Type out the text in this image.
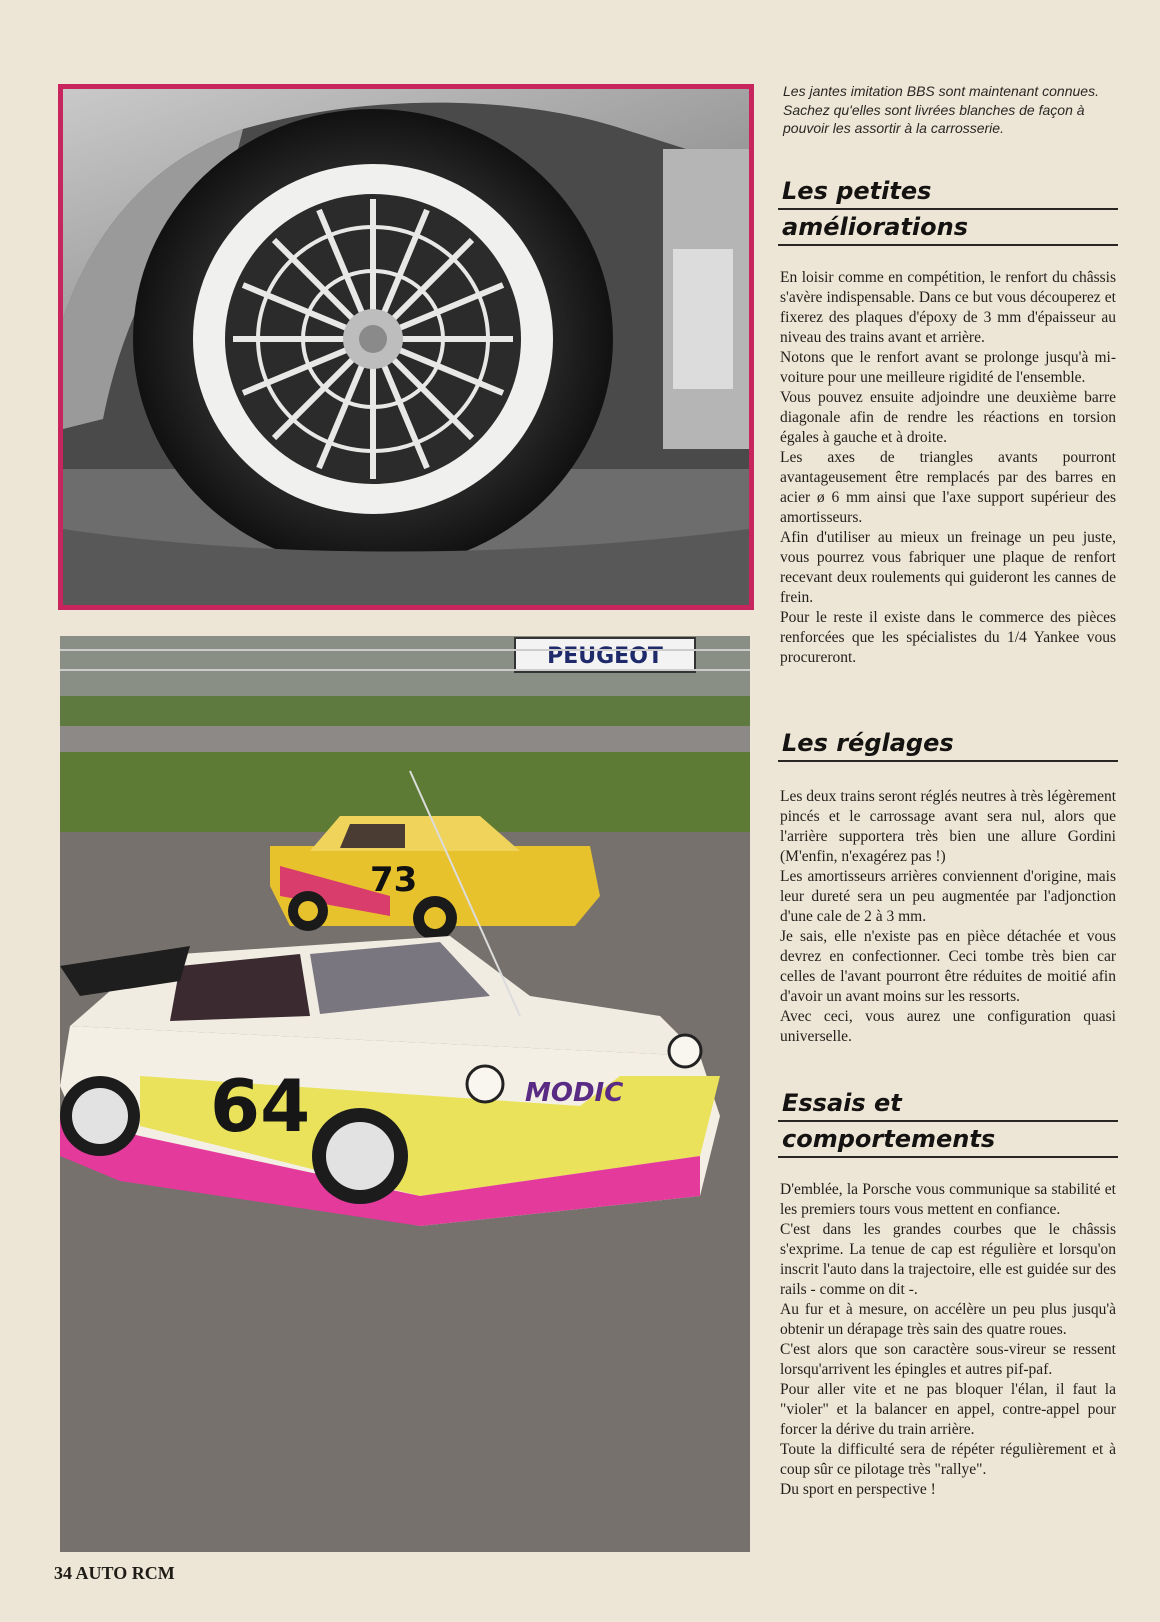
PEUGEOT
73
64	MODIC
Les jantes imitation BBS sont maintenant connues. Sachez qu'elles sont livrées blanches de façon à pouvoir les assortir à la carrosserie.
Les petites
améliorations

En loisir comme en compétition, le renfort du châssis s'avère indispensable. Dans ce but vous découperez et fixerez des plaques d'époxy de 3 mm d'épaisseur au niveau des trains avant et arrière.

Notons que le renfort avant se prolonge jusqu'à mi-voiture pour une meilleure rigidité de l'ensemble.

Vous pouvez ensuite adjoindre une deuxième barre diagonale afin de rendre les réactions en torsion égales à gauche et à droite.

Les axes de triangles avants pourront avantageusement être remplacés par des barres en acier ø 6 mm ainsi que l'axe support supérieur des amortisseurs.

Afin d'utiliser au mieux un freinage un peu juste, vous pourrez vous fabriquer une plaque de renfort recevant deux roulements qui guideront les cannes de frein.

Pour le reste il existe dans le commerce des pièces renforcées que les spécialistes du 1/4 Yankee vous procureront.

Les réglages

Les deux trains seront réglés neutres à très légèrement pincés et le carrossage avant sera nul, alors que l'arrière supportera très bien une allure Gordini (M'enfin, n'exagérez pas !)

Les amortisseurs arrières conviennent d'origine, mais leur dureté sera un peu augmentée par l'adjonction d'une cale de 2 à 3 mm.

Je sais, elle n'existe pas en pièce détachée et vous devrez en confectionner. Ceci tombe très bien car celles de l'avant pourront être réduites de moitié afin d'avoir un avant moins sur les ressorts.

Avec ceci, vous aurez une configuration quasi universelle.

Essais et
comportements

D'emblée, la Porsche vous communique sa stabilité et les premiers tours vous mettent en confiance.

C'est dans les grandes courbes que le châssis s'exprime. La tenue de cap est régulière et lorsqu'on inscrit l'auto dans la trajectoire, elle est guidée sur des rails - comme on dit -.

Au fur et à mesure, on accélère un peu plus jusqu'à obtenir un dérapage très sain des quatre roues.

C'est alors que son caractère sous-vireur se ressent lorsqu'arrivent les épingles et autres pif-paf.

Pour aller vite et ne pas bloquer l'élan, il faut la "violer" et la balancer en appel, contre-appel pour forcer la dérive du train arrière.

Toute la difficulté sera de répéter régulièrement et à coup sûr ce pilotage très "rallye".

Du sport en perspective !

34 AUTO RCM
